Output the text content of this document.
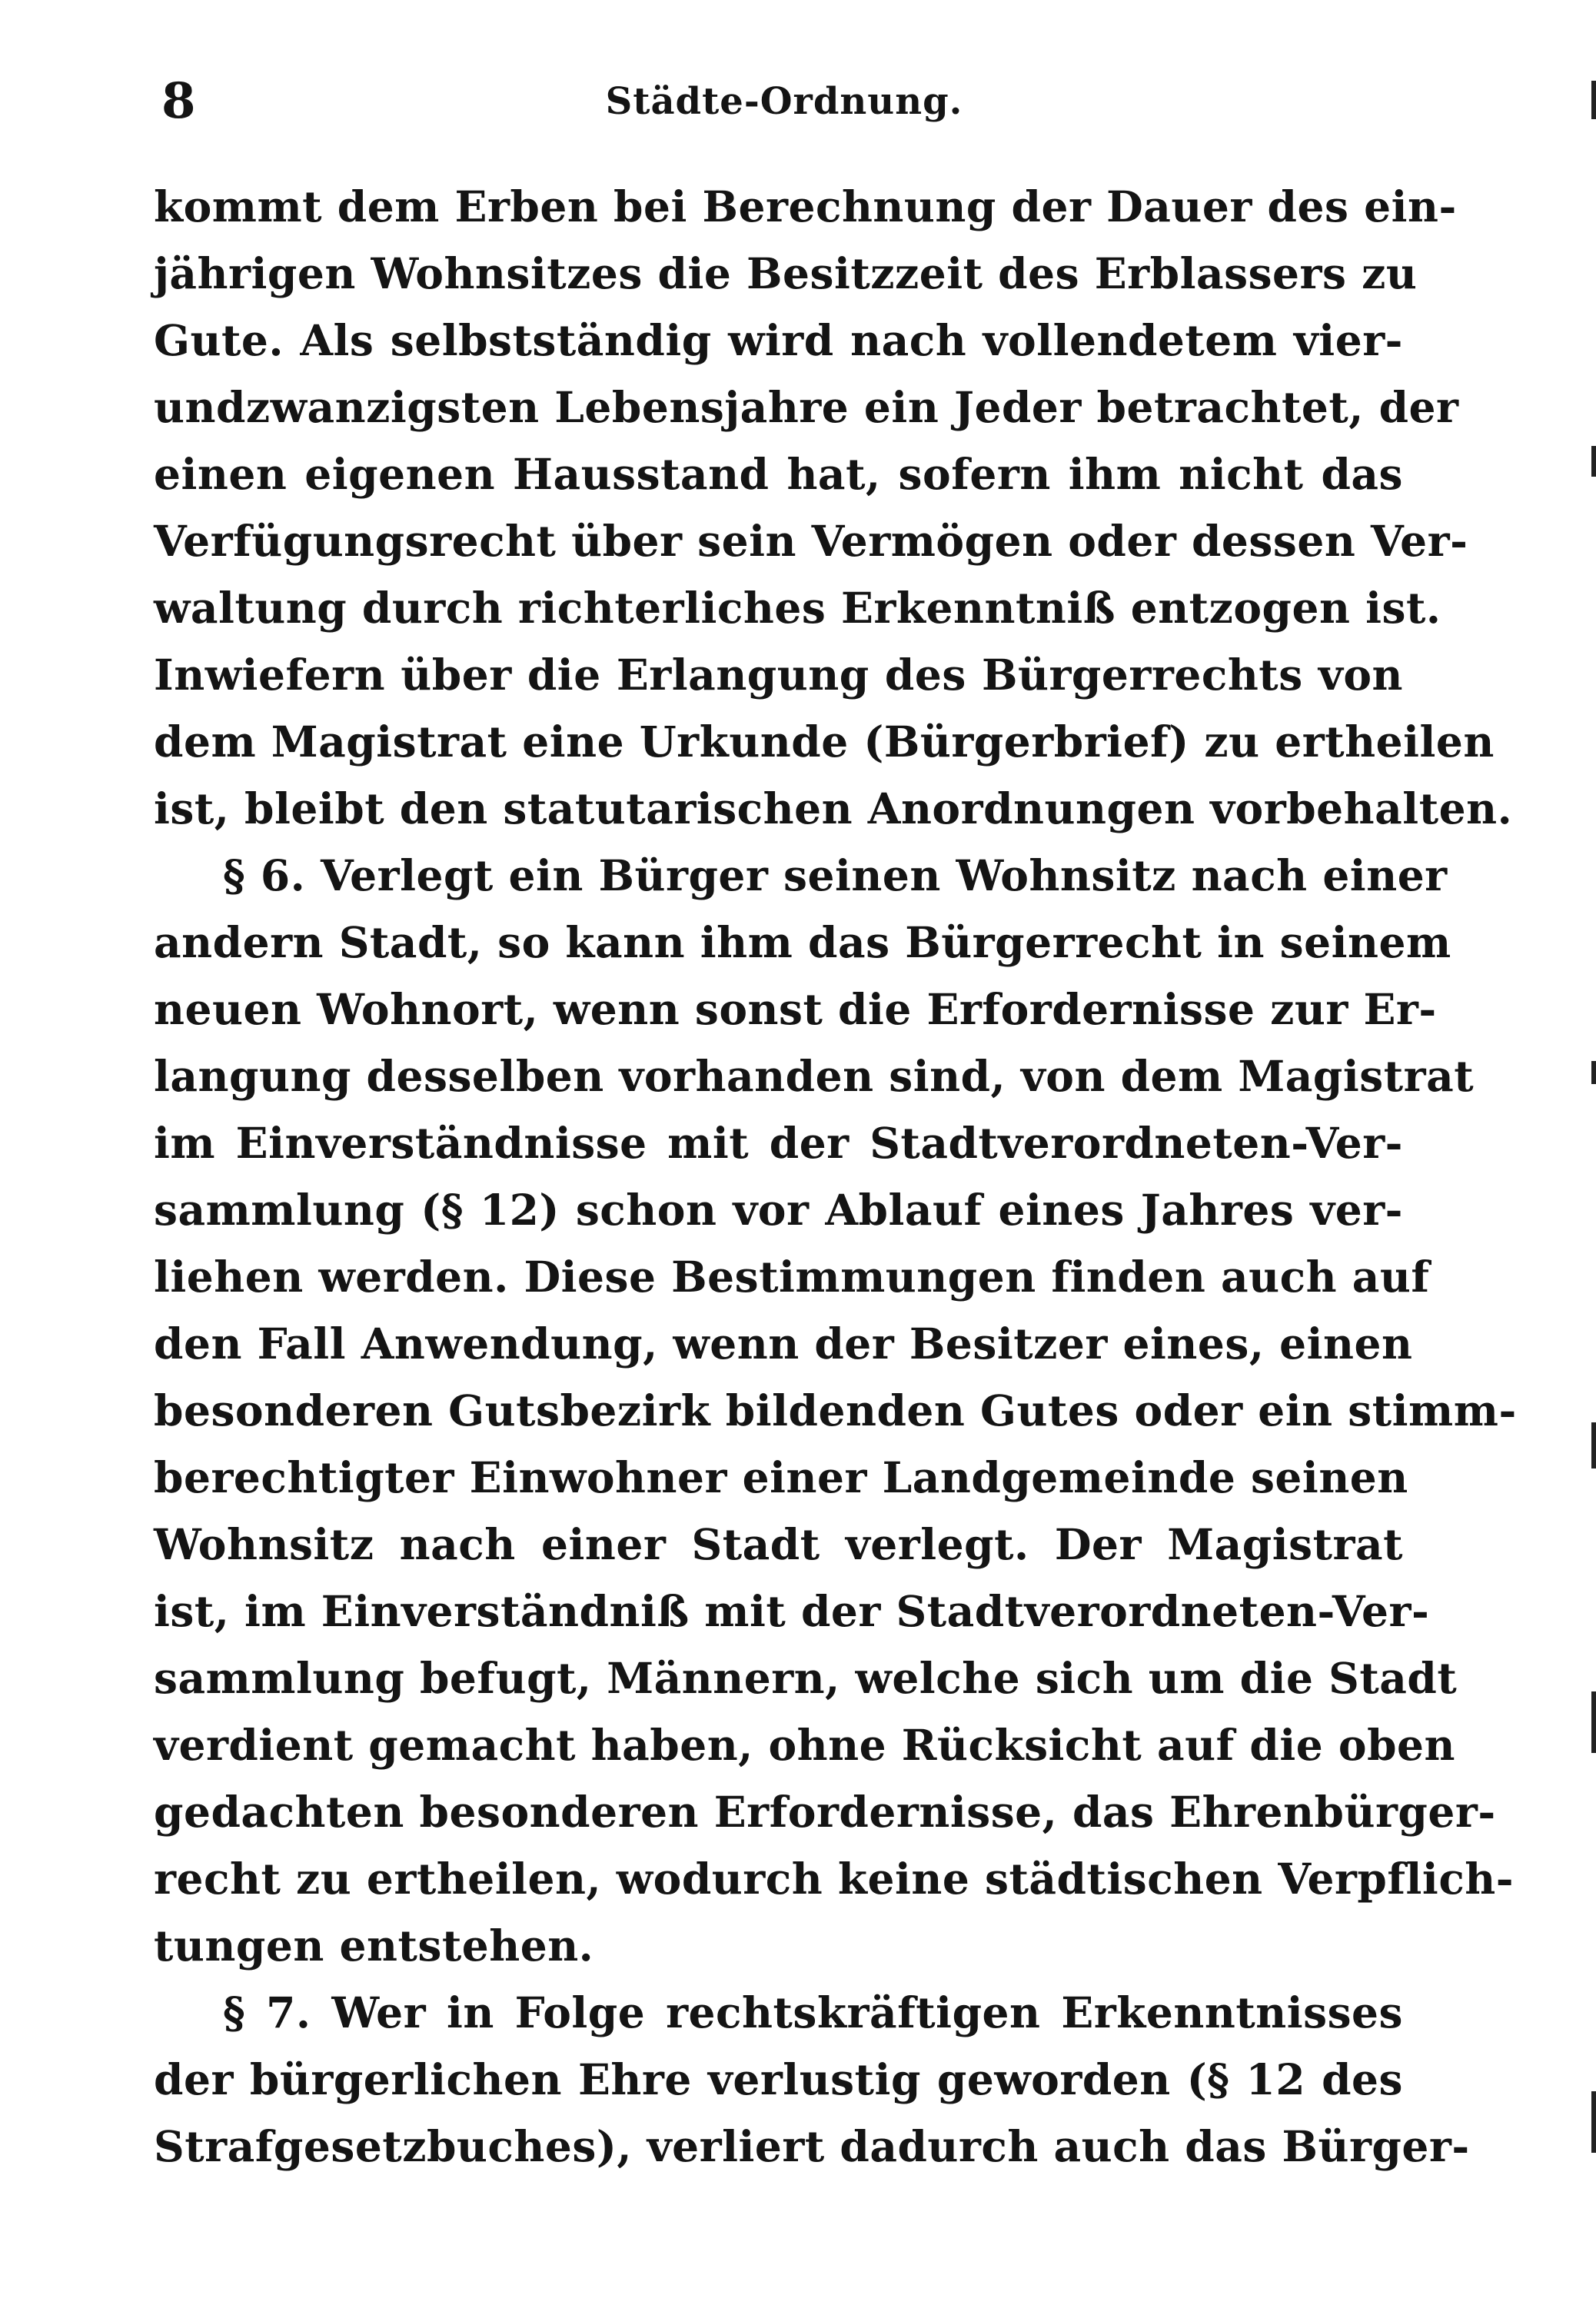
8	Städte-Ordnung.
kommt dem Erben bei Berechnung der Dauer des ein-
jährigen Wohnsitzes die Besitzzeit des Erblassers zu
Gute. Als selbstständig wird nach vollendetem vier-
undzwanzigsten Lebensjahre ein Jeder betrachtet, der
einen eigenen Hausstand hat, sofern ihm nicht das
Verfügungsrecht über sein Vermögen oder dessen Ver-
waltung durch richterliches Erkenntniß entzogen ist.
Inwiefern über die Erlangung des Bürgerrechts von
dem Magistrat eine Urkunde (Bürgerbrief) zu ertheilen
ist, bleibt den statutarischen Anordnungen vorbehalten.
§ 6. Verlegt ein Bürger seinen Wohnsitz nach einer
andern Stadt, so kann ihm das Bürgerrecht in seinem
neuen Wohnort, wenn sonst die Erfordernisse zur Er-
langung desselben vorhanden sind, von dem Magistrat
im Einverständnisse mit der Stadtverordneten-Ver-
sammlung (§ 12) schon vor Ablauf eines Jahres ver-
liehen werden. Diese Bestimmungen finden auch auf
den Fall Anwendung, wenn der Besitzer eines, einen
besonderen Gutsbezirk bildenden Gutes oder ein stimm-
berechtigter Einwohner einer Landgemeinde seinen
Wohnsitz nach einer Stadt verlegt. Der Magistrat
ist, im Einverständniß mit der Stadtverordneten-Ver-
sammlung befugt, Männern, welche sich um die Stadt
verdient gemacht haben, ohne Rücksicht auf die oben
gedachten besonderen Erfordernisse, das Ehrenbürger-
recht zu ertheilen, wodurch keine städtischen Verpflich-
tungen entstehen.
§ 7. Wer in Folge rechtskräftigen Erkenntnisses
der bürgerlichen Ehre verlustig geworden (§ 12 des
Strafgesetzbuches), verliert dadurch auch das Bürger-
